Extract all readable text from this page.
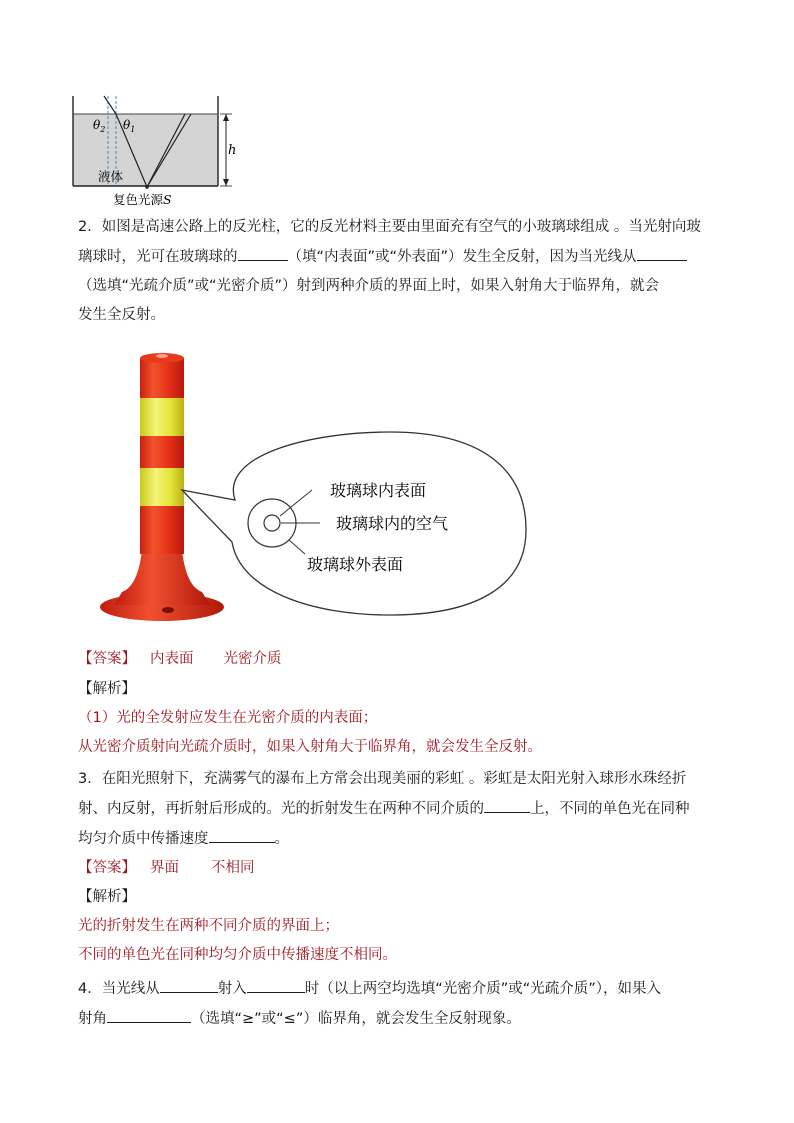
$\theta_2$ $\theta_1$
h
液体
复色光源S
2．如图是高速公路上的反光柱，它的反光材料主要由里面充有空气的小玻璃球组成 。当光射向玻
璃球时，光可在玻璃球的	（填“内表面”或“外表面”）发生全反射，因为当光线从
（选填“光疏介质”或“光密介质”）射到两种介质的界面上时，如果入射角大于临界角，就会
发生全反射。
玻璃球内表面
玻璃球内的空气
玻璃球外表面
【答案】 内表面 光密介质
【解析】
（1）光的全发射应发生在光密介质的内表面；
从光密介质射向光疏介质时，如果入射角大于临界角，就会发生全反射。
3．在阳光照射下，充满雾气的瀑布上方常会出现美丽的彩虹 。彩虹是太阳光射入球形水珠经折
射、内反射，再折射后形成的。光的折射发生在两种不同介质的	上，不同的单色光在同种
均匀介质中传播速度	。
【答案】 界面 不相同
【解析】
光的折射发生在两种不同介质的界面上；
不同的单色光在同种均匀介质中传播速度不相同。
4．当光线从	射入	时（以上两空均选填“光密介质”或“光疏介质”），如果入
射角	（选填“≥”或“≤”）临界角，就会发生全反射现象。
